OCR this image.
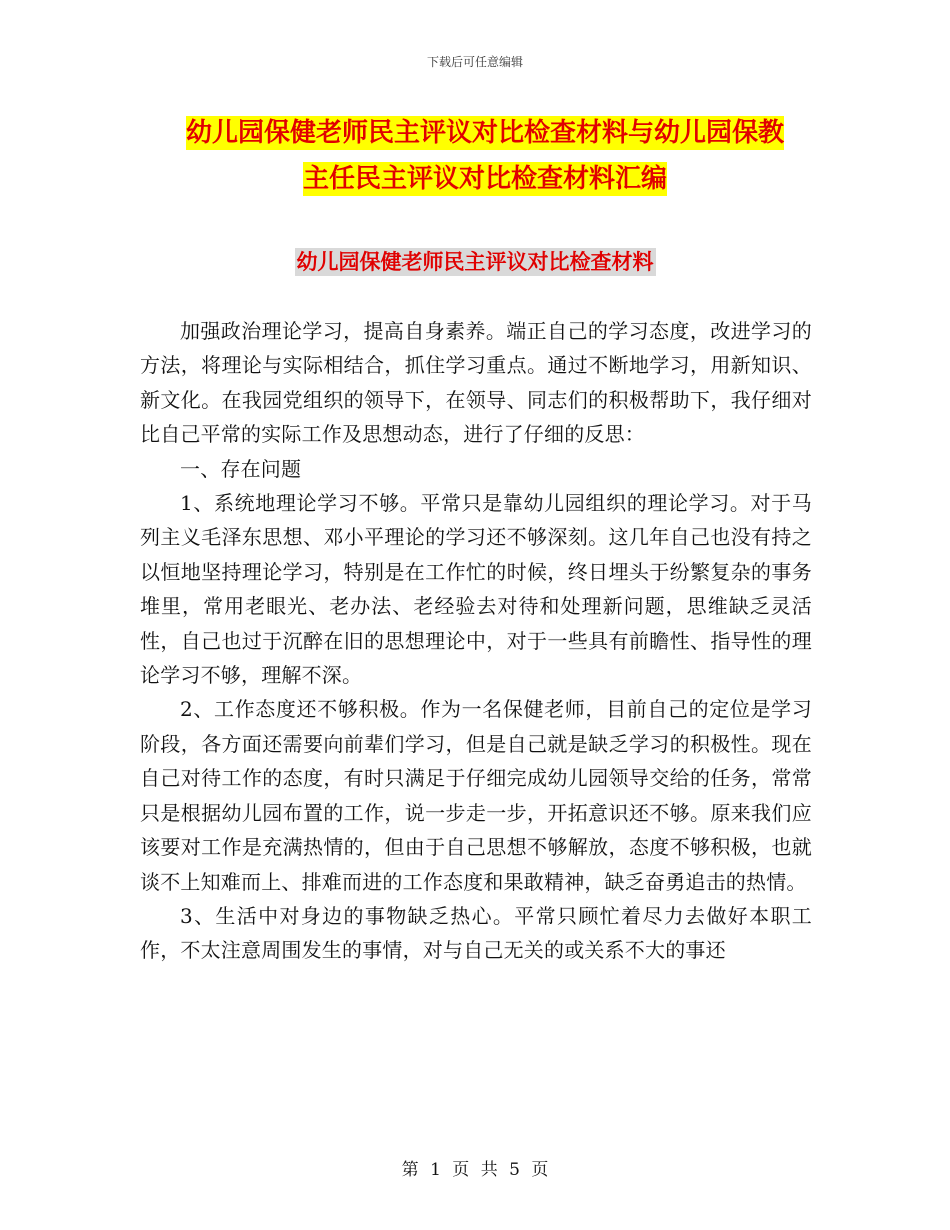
下载后可任意编辑
幼儿园保健老师民主评议对比检查材料与幼儿园保教
主任民主评议对比检查材料汇编
幼儿园保健老师民主评议对比检查材料

加强政治理论学习，提高自身素养。端正自己的学习态度，改进学习的方法，将理论与实际相结合，抓住学习重点。通过不断地学习，用新知识、新文化。在我园党组织的领导下，在领导、同志们的积极帮助下，我仔细对比自己平常的实际工作及思想动态，进行了仔细的反思：

一、存在问题

1、系统地理论学习不够。平常只是靠幼儿园组织的理论学习。对于马列主义毛泽东思想、邓小平理论的学习还不够深刻。这几年自己也没有持之以恒地坚持理论学习，特别是在工作忙的时候，终日埋头于纷繁复杂的事务堆里，常用老眼光、老办法、老经验去对待和处理新问题，思维缺乏灵活性，自己也过于沉醉在旧的思想理论中，对于一些具有前瞻性、指导性的理论学习不够，理解不深。

2、工作态度还不够积极。作为一名保健老师，目前自己的定位是学习阶段，各方面还需要向前辈们学习，但是自己就是缺乏学习的积极性。现在自己对待工作的态度，有时只满足于仔细完成幼儿园领导交给的任务，常常只是根据幼儿园布置的工作，说一步走一步，开拓意识还不够。原来我们应该要对工作是充满热情的，但由于自己思想不够解放，态度不够积极，也就谈不上知难而上、排难而进的工作态度和果敢精神，缺乏奋勇追击的热情。

3、生活中对身边的事物缺乏热心。平常只顾忙着尽力去做好本职工作，不太注意周围发生的事情，对与自己无关的或关系不大的事还

第 1 页 共 5 页
